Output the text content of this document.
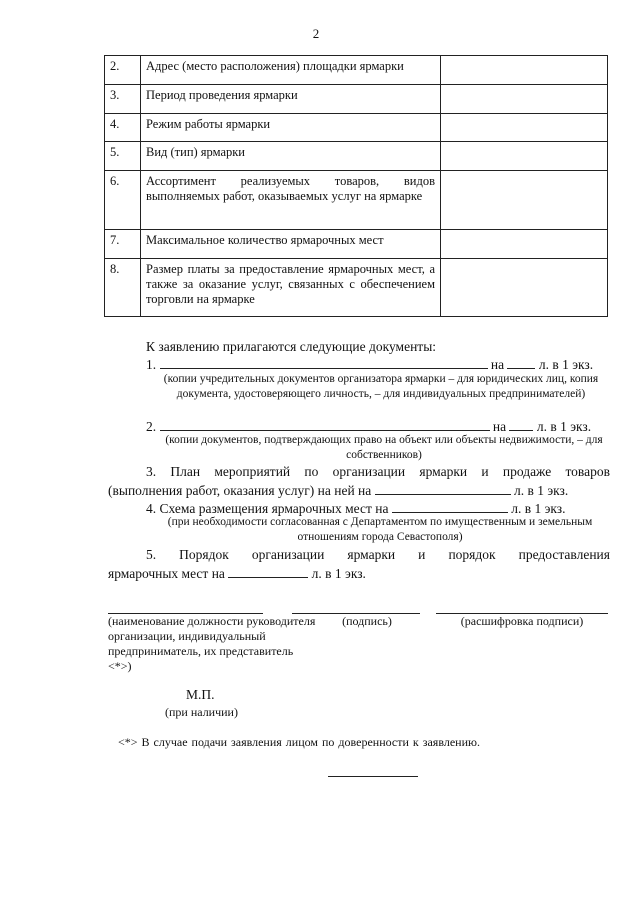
2
2.	Адрес (место расположения) площадки ярмарки	
3.	Период проведения ярмарки	
4.	Режим работы ярмарки	
5.	Вид (тип) ярмарки	
6.	Ассортимент реализуемых товаров, видов выполняемых работ, оказываемых услуг на ярмарке	
7.	Максимальное количество ярмарочных мест	
8.	Размер платы за предоставление ярмарочных мест, а также за оказание услуг, связанных с обеспечением торговли на ярмарке	
К заявлению прилагаются следующие документы:
1.	на	л. в 1 экз.
(копии учредительных документов организатора ярмарки – для юридических лиц, копия документа, удостоверяющего личность, – для индивидуальных предпринимателей)
2.	на л. в 1 экз.
(копии документов, подтверждающих право на объект или объекты недвижимости, – для собственников)
3. План мероприятий по организации ярмарки и продаже товаров
(выполнения работ, оказания услуг) на ней на	л. в 1 экз.
4. Схема размещения ярмарочных мест на	л. в 1 экз.
(при необходимости согласованная с Департаментом по имущественным и земельным отношениям города Севастополя)
5. Порядок организации ярмарки и порядок предоставления
ярмарочных мест на	л. в 1 экз.
(наименование должности руководителя организации, индивидуальный предприниматель, их представитель <*>)
(подпись)	(расшифровка подписи)
М.П.
(при наличии)
<*> В случае подачи заявления лицом по доверенности к заявлению.
